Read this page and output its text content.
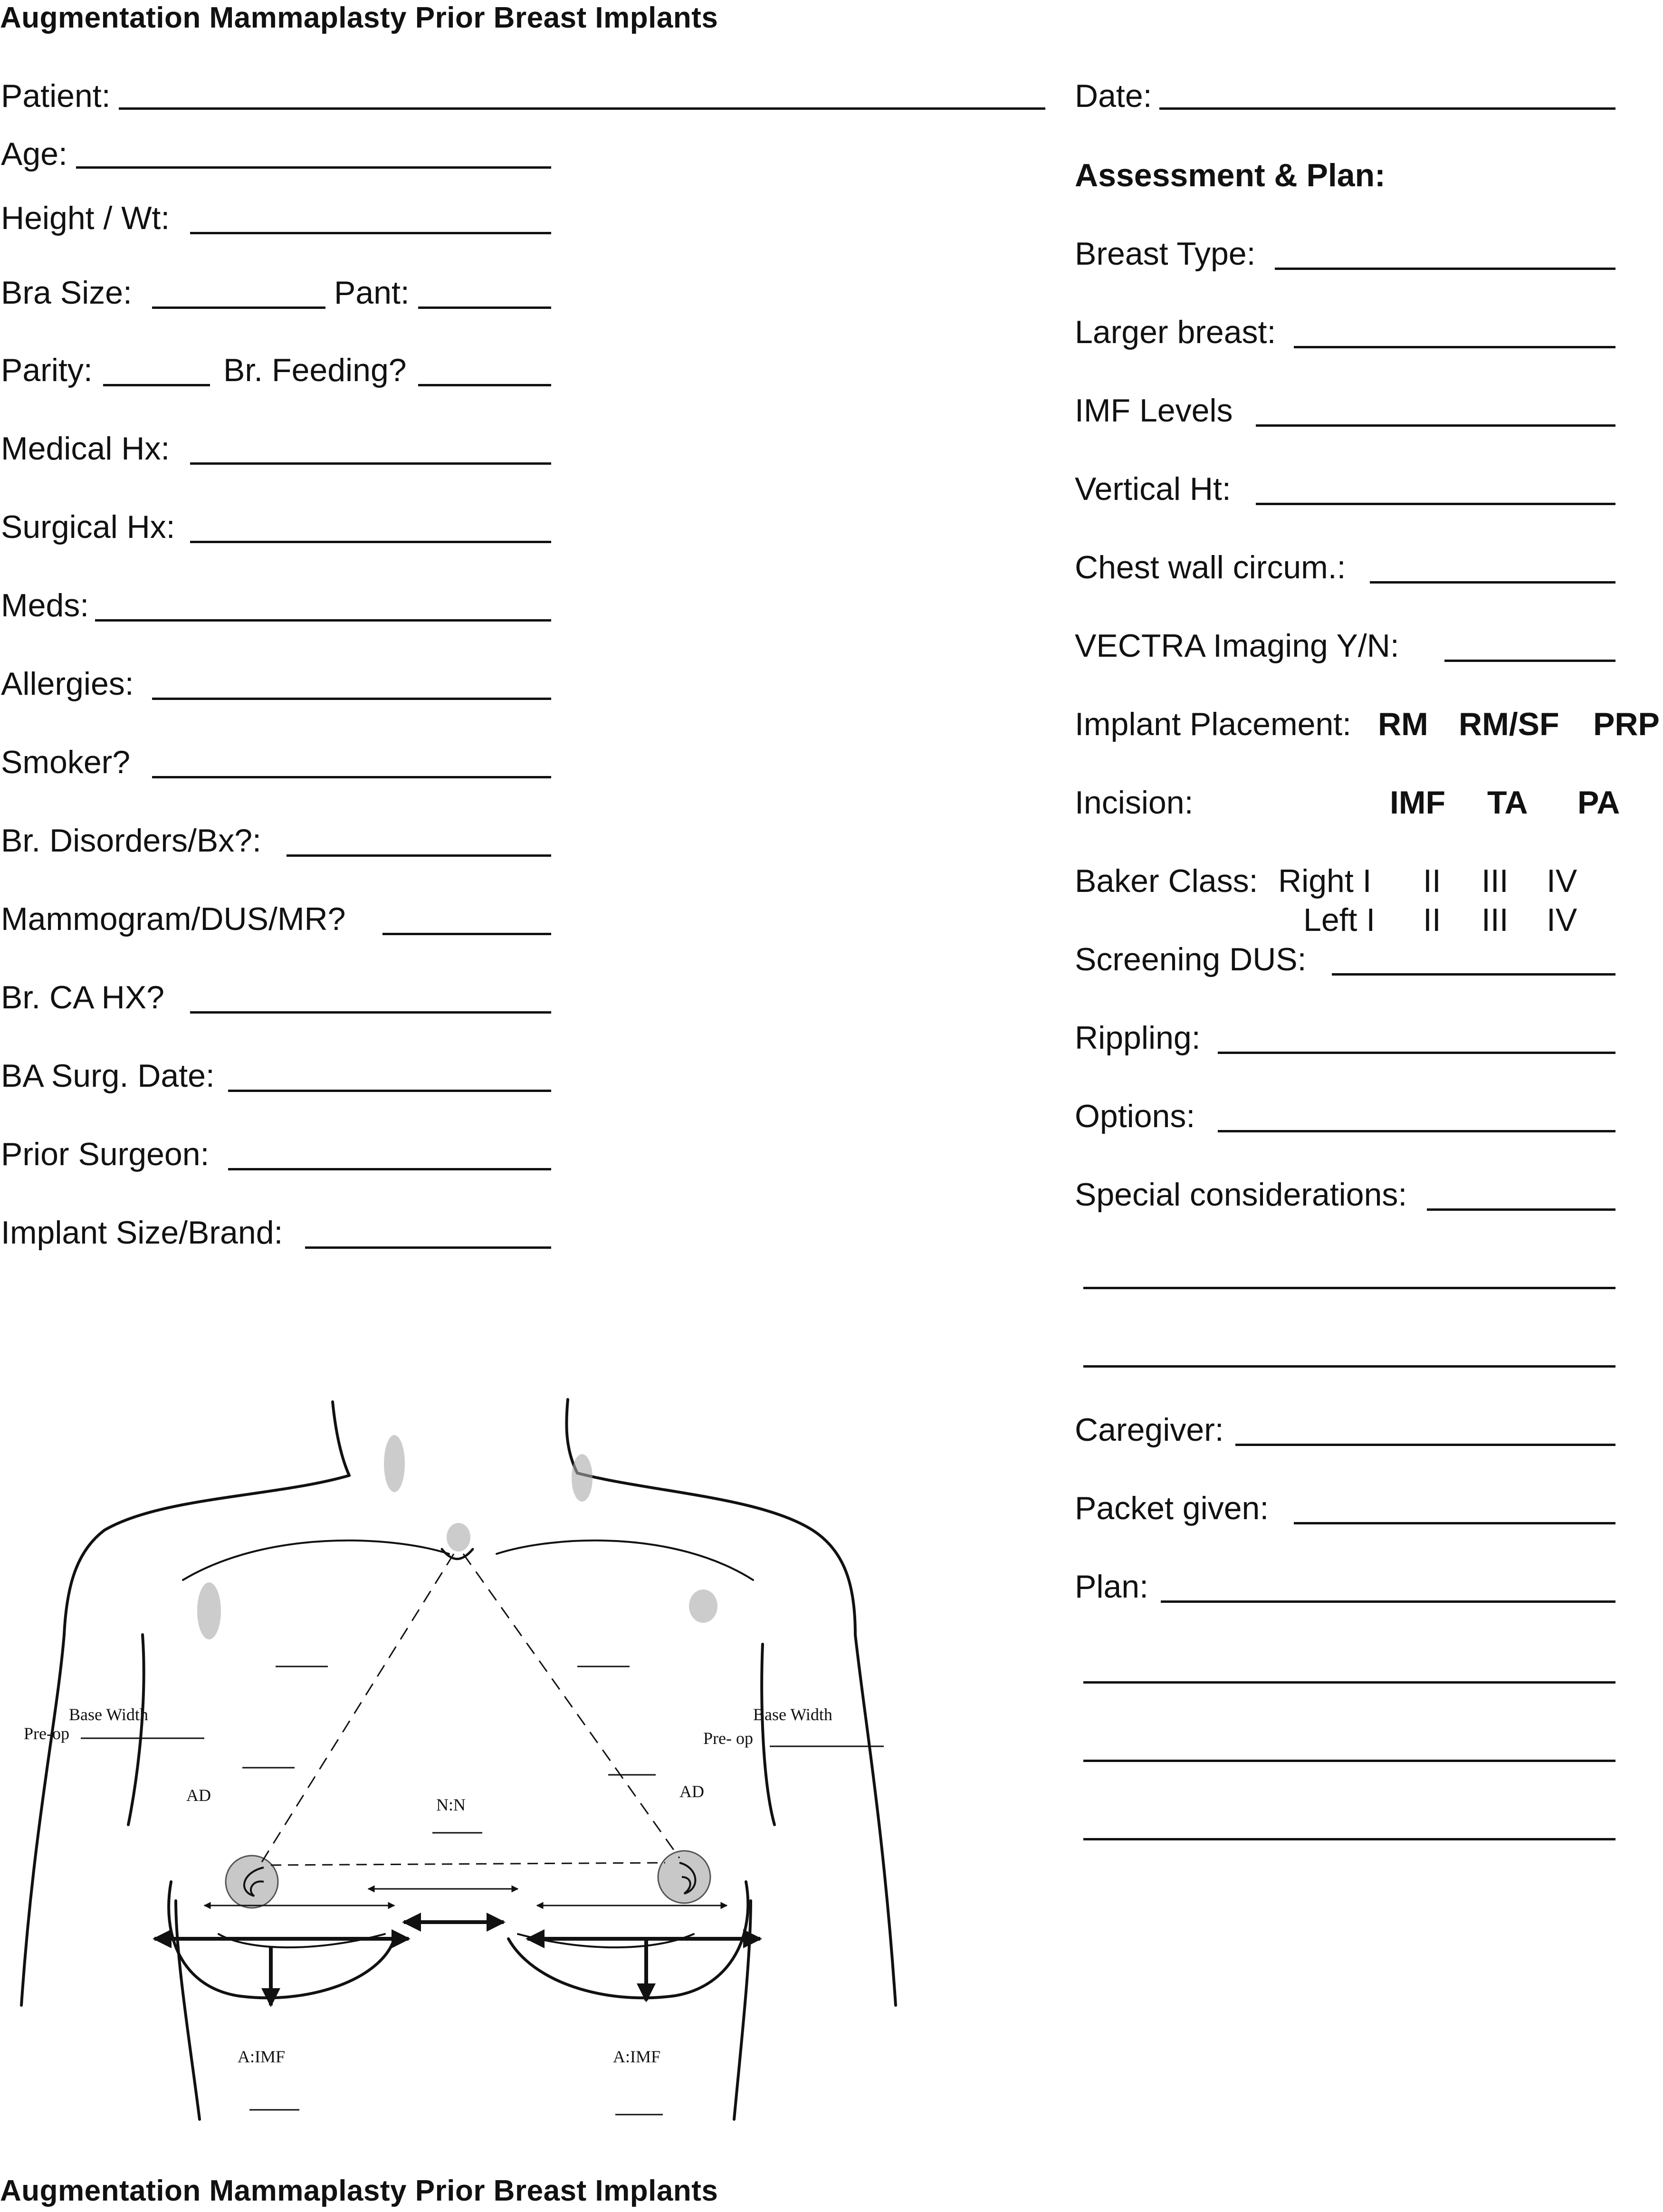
Augmentation Mammaplasty Prior Breast Implants
Patient:
Age:
Height / Wt:
Bra Size:	Pant:
Parity:	Br. Feeding?
Medical Hx:
Surgical Hx:
Meds:
Allergies:
Smoker?
Br. Disorders/Bx?:
Mammogram/DUS/MR?
Br. CA HX?
BA Surg. Date:
Prior Surgeon:
Implant Size/Brand:
Date:
Assessment & Plan:
Breast Type:
Larger breast:
IMF Levels
Vertical Ht:
Chest wall circum.:
VECTRA Imaging Y/N:
Implant Placement: RM RM/SF PRP
Incision:	IMF TA PA
Baker Class: Right I II III IV
Left I II III IV
Screening DUS:
Rippling:
Options:
Special considerations:
Caregiver:
Packet given:
Plan:
Base Width	Base Width
Pre-op	Pre- op
AD	AD
N:N
A:IMF	A:IMF
Augmentation Mammaplasty Prior Breast Implants
